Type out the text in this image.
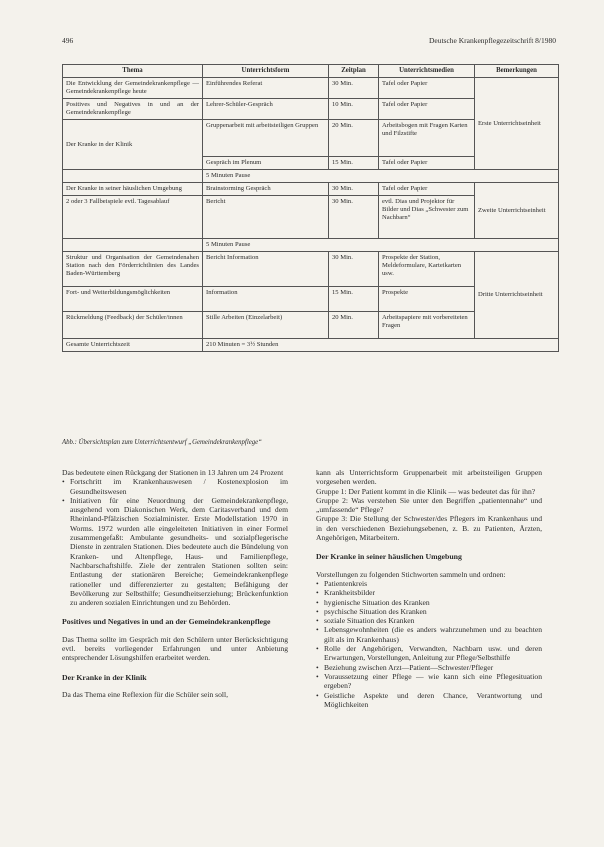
496	Deutsche Krankenpflegezeitschrift 8/1980
Thema	Unterrichtsform	Zeitplan	Unterrichtsmedien	Bemerkungen
Die Entwicklung der Gemeindekrankenpflege — Gemeindekrankenpflege heute	Einführendes Referat	30 Min.	Tafel oder Papier	Erste Unterrichtseinheit
Positives und Negatives in und an der Gemeindekrankenpflege	Lehrer-Schüler-Gespräch	10 Min.	Tafel oder Papier	
Der Kranke in der Klinik	Gruppenarbeit mit arbeitsteiligen Gruppen	20 Min.	Arbeitsbogen mit Fragen Karten und Filzstifte	
	Gespräch im Plenum	15 Min.	Tafel oder Papier	
	5 Minuten Pause			
Der Kranke in seiner häuslichen Umgebung	Brainstorming Gespräch	30 Min.	Tafel oder Papier	Zweite Unterrichtseinheit
2 oder 3 Fallbeispiele evtl. Tagesablauf	Bericht	30 Min.	evtl. Dias und Projektor für Bilder und Dias „Schwester zum Nachbarn“	
	5 Minuten Pause			
Struktur und Organisation der Gemeindenahen Station nach den Förderrichtlinien des Landes Baden-Württemberg	Bericht Information	30 Min.	Prospekte der Station, Meldeformulare, Karteikarten usw.	Dritte Unterrichtseinheit
Fort- und Weiterbildungsmöglichkeiten	Information	15 Min.	Prospekte	
Rückmeldung (Feedback) der Schüler/innen	Stille Arbeiten (Einzelarbeit)	20 Min.	Arbeitspapiere mit vorbereiteten Fragen	
Gesamte Unterrichtszeit	210 Minuten = 3½ Stunden			
Abb.: Übersichtsplan zum Unterrichtsentwurf „Gemeindekrankenpflege“

Das bedeutete einen Rückgang der Stationen in 13 Jahren um 24 Prozent

• Fortschritt im Krankenhauswesen / Kostenexplosion im Gesundheitswesen
• Initiativen für eine Neuordnung der Gemeindekrankenpflege, ausgehend vom Diakonischen Werk, dem Caritasverband und dem Rheinland-Pfälzischen Sozialminister. Erste Modellstation 1970 in Worms. 1972 wurden alle eingeleiteten Initiativen in einer Formel zusammengefaßt: Ambulante gesundheits- und sozialpflegerische Dienste in zentralen Stationen. Dies bedeutete auch die Bündelung von Kranken- und Altenpflege, Haus- und Familienpflege, Nachbarschaftshilfe. Ziele der zentralen Stationen sollten sein: Entlastung der stationären Bereiche; Gemeindekrankenpflege rationeller und differenzierter zu gestalten; Befähigung der Bevölkerung zur Selbsthilfe; Gesundheitserziehung; Brückenfunktion zu anderen sozialen Einrichtungen und zu Behörden.
Positives und Negatives in und an der Gemeindekrankenpflege

Das Thema sollte im Gespräch mit den Schülern unter Berücksichtigung evtl. bereits vorliegender Erfahrungen und unter Anbietung entsprechender Lösungshilfen erarbeitet werden.

Der Kranke in der Klinik

Da das Thema eine Reflexion für die Schüler sein soll,

kann als Unterrichtsform Gruppenarbeit mit arbeitsteiligen Gruppen vorgesehen werden.

Gruppe 1: Der Patient kommt in die Klinik — was bedeutet das für ihn?

Gruppe 2: Was verstehen Sie unter den Begriffen „patientennahe“ und „umfassende“ Pflege?

Gruppe 3: Die Stellung der Schwester/des Pflegers im Krankenhaus und in den verschiedenen Beziehungsebenen, z. B. zu Patienten, Ärzten, Angehörigen, Mitarbeitern.

Der Kranke in seiner häuslichen Umgebung

Vorstellungen zu folgenden Stichworten sammeln und ordnen:

• Patientenkreis
• Krankheitsbilder
• hygienische Situation des Kranken
• psychische Situation des Kranken
• soziale Situation des Kranken
• Lebensgewohnheiten (die es anders wahrzunehmen und zu beachten gilt als im Krankenhaus)
• Rolle der Angehörigen, Verwandten, Nachbarn usw. und deren Erwartungen, Vorstellungen, Anleitung zur Pflege/Selbsthilfe
• Beziehung zwischen Arzt—Patient—Schwester/Pfleger
• Voraussetzung einer Pflege — wie kann sich eine Pflegesituation ergeben?
• Geistliche Aspekte und deren Chance, Verantwortung und Möglichkeiten
